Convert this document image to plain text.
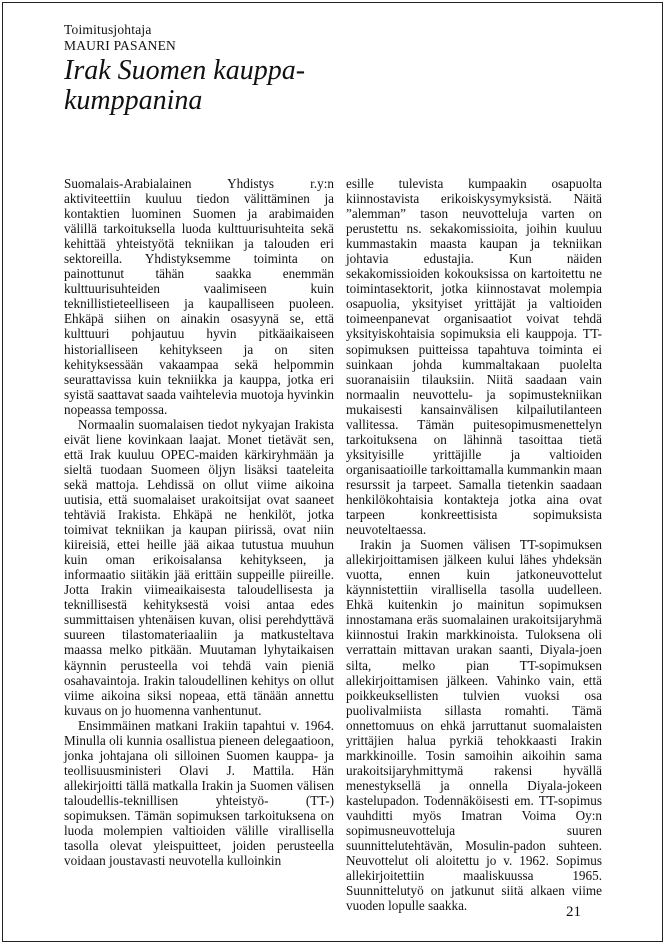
Toimitusjohtaja
MAURI PASANEN
Irak Suomen kauppa-
kumppanina

Suomalais-Arabialainen Yhdistys r.y:n aktiviteettiin kuuluu tiedon välittäminen ja kontaktien luominen Suomen ja arabimaiden välillä tarkoituksella luoda kulttuurisuhteita sekä kehittää yhteistyötä tekniikan ja talouden eri sektoreilla. Yhdistyksemme toiminta on painottunut tähän saakka enemmän kulttuurisuhteiden vaalimiseen kuin teknillistieteelliseen ja kaupalliseen puoleen. Ehkäpä siihen on ainakin osasyynä se, että kulttuuri pohjautuu hyvin pitkäaikaiseen historialliseen kehitykseen ja on siten kehityksessään vakaampaa sekä helpommin seurattavissa kuin tekniikka ja kauppa, jotka eri syistä saattavat saada vaihtelevia muotoja hyvinkin nopeassa tempossa.

Normaalin suomalaisen tiedot nykyajan Irakista eivät liene kovinkaan laajat. Monet tietävät sen, että Irak kuuluu OPEC-maiden kärkiryhmään ja sieltä tuodaan Suomeen öljyn lisäksi taateleita sekä mattoja. Lehdissä on ollut viime aikoina uutisia, että suomalaiset urakoitsijat ovat saaneet tehtäviä Irakista. Ehkäpä ne henkilöt, jotka toimivat tekniikan ja kaupan piirissä, ovat niin kiireisiä, ettei heille jää aikaa tutustua muuhun kuin oman erikoisalansa kehitykseen, ja informaatio siitäkin jää erittäin suppeille piireille. Jotta Irakin viimeaikaisesta taloudellisesta ja teknillisestä kehityksestä voisi antaa edes summittaisen yhtenäisen kuvan, olisi perehdyttävä suureen tilastomateriaaliin ja matkusteltava maassa melko pitkään. Muutaman lyhytaikaisen käynnin perusteella voi tehdä vain pieniä osahavaintoja. Irakin taloudellinen kehitys on ollut viime aikoina siksi nopeaa, että tänään annettu kuvaus on jo huomenna vanhentunut.

Ensimmäinen matkani Irakiin tapahtui v. 1964. Minulla oli kunnia osallistua pieneen delegaatioon, jonka johtajana oli silloinen Suomen kauppa- ja teollisuusministeri Olavi J. Mattila. Hän allekirjoitti tällä matkalla Irakin ja Suomen välisen taloudellis-teknillisen yhteistyö- (TT-) sopimuksen. Tämän sopimuksen tarkoituksena on luoda molempien valtioiden välille virallisella tasolla olevat yleispuitteet, joiden perusteella voidaan joustavasti neuvotella kulloinkin

esille tulevista kumpaakin osapuolta kiinnostavista erikoiskysymyksistä. Näitä ”alemman” tason neuvotteluja varten on perustettu ns. sekakomissioita, joihin kuuluu kummastakin maasta kaupan ja tekniikan johtavia edustajia. Kun näiden sekakomissioiden kokouksissa on kartoitettu ne toimintasektorit, jotka kiinnostavat molempia osapuolia, yksityiset yrittäjät ja valtioiden toimeenpanevat organisaatiot voivat tehdä yksityiskohtaisia sopimuksia eli kauppoja. TT-sopimuksen puitteissa tapahtuva toiminta ei suinkaan johda kummaltakaan puolelta suoranaisiin tilauksiin. Niitä saadaan vain normaalin neuvottelu- ja sopimustekniikan mukaisesti kansainvälisen kilpailutilanteen vallitessa. Tämän puitesopimusmenettelyn tarkoituksena on lähinnä tasoittaa tietä yksityisille yrittäjille ja valtioiden organisaatioille tarkoittamalla kummankin maan resurssit ja tarpeet. Samalla tietenkin saadaan henkilökohtaisia kontakteja jotka aina ovat tarpeen konkreettisista sopimuksista neuvoteltaessa.

Irakin ja Suomen välisen TT-sopimuksen allekirjoittamisen jälkeen kului lähes yhdeksän vuotta, ennen kuin jatkoneuvottelut käynnistettiin virallisella tasolla uudelleen. Ehkä kuitenkin jo mainitun sopimuksen innostamana eräs suomalainen urakoitsijaryhmä kiinnostui Irakin markkinoista. Tuloksena oli verrattain mittavan urakan saanti, Diyala-joen silta, melko pian TT-sopimuksen allekirjoittamisen jälkeen. Vahinko vain, että poikkeuksellisten tulvien vuoksi osa puolivalmiista sillasta romahti. Tämä onnettomuus on ehkä jarruttanut suomalaisten yrittäjien halua pyrkiä tehokkaasti Irakin markkinoille. Tosin samoihin aikoihin sama urakoitsijaryhmittymä rakensi hyvällä menestyksellä ja onnella Diyala-jokeen kastelupadon. Todennäköisesti em. TT-sopimus vauhditti myös Imatran Voima Oy:n sopimusneuvotteluja suuren suunnittelutehtävän, Mosulin-padon suhteen. Neuvottelut oli aloitettu jo v. 1962. Sopimus allekirjoitettiin maaliskuussa 1965. Suunnittelutyö on jatkunut siitä alkaen viime vuoden lopulle saakka.	21
